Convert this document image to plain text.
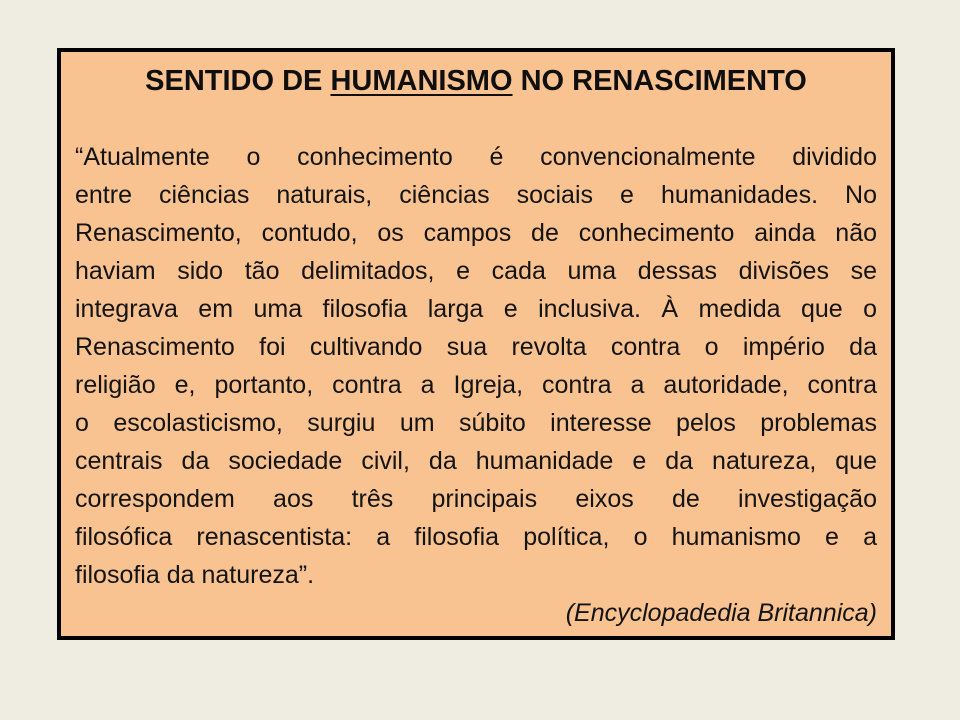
SENTIDO DE HUMANISMO NO RENASCIMENTO
“Atualmente o conhecimento é convencionalmente dividido
entre ciências naturais, ciências sociais e humanidades. No
Renascimento, contudo, os campos de conhecimento ainda não
haviam sido tão delimitados, e cada uma dessas divisões se
integrava em uma filosofia larga e inclusiva. À medida que o
Renascimento foi cultivando sua revolta contra o império da
religião e, portanto, contra a Igreja, contra a autoridade, contra
o escolasticismo, surgiu um súbito interesse pelos problemas
centrais da sociedade civil, da humanidade e da natureza, que
correspondem aos três principais eixos de investigação
filosófica renascentista: a filosofia política, o humanismo e a
filosofia da natureza”.
(Encyclopadedia Britannica)
